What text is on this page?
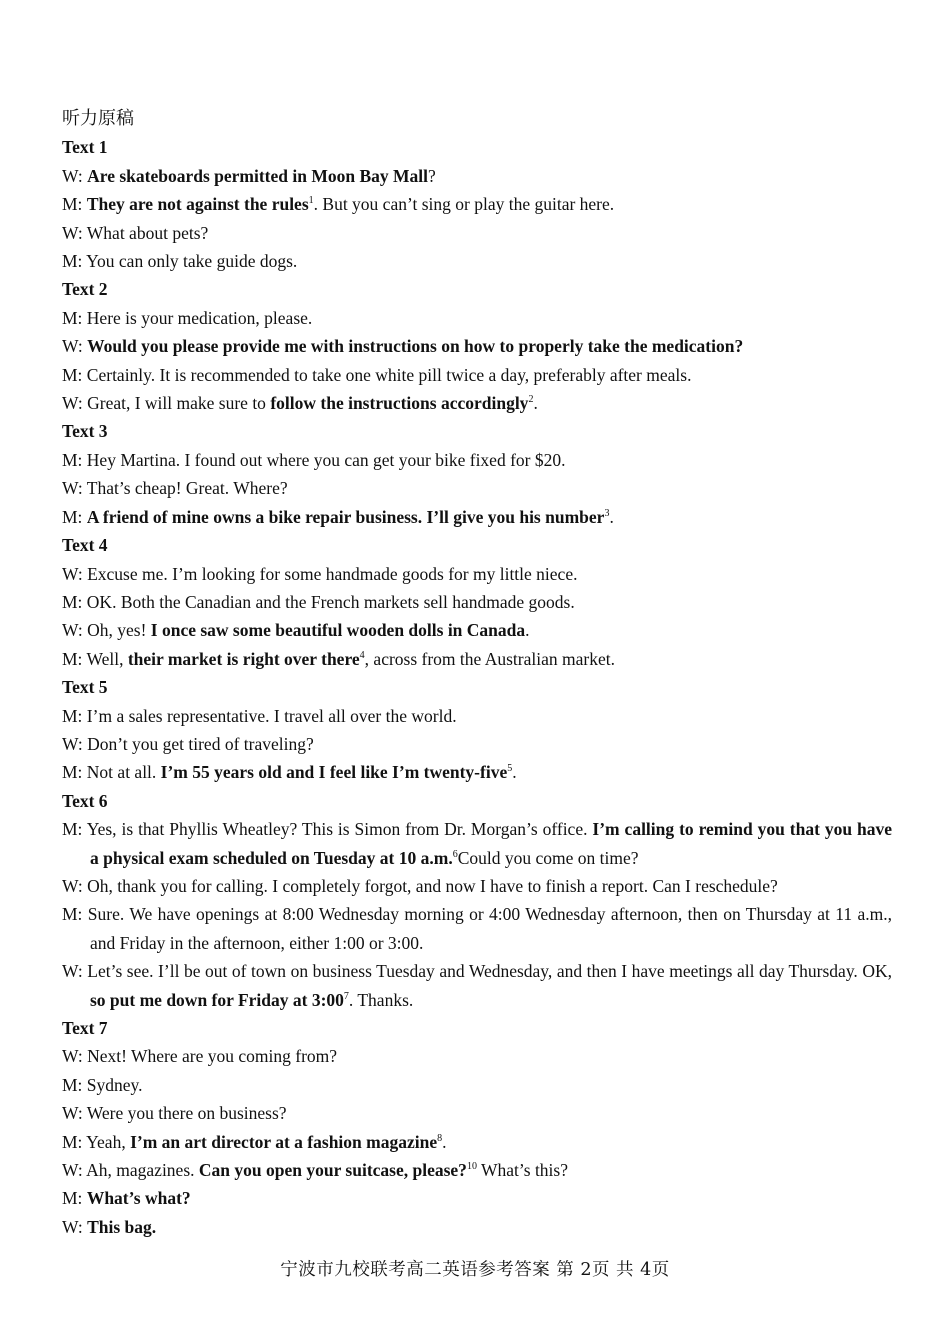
听力原稿
Text 1
W: Are skateboards permitted in Moon Bay Mall?
M: They are not against the rules$^1$. But you can’t sing or play the guitar here.
W: What about pets?
M: You can only take guide dogs.
Text 2
M: Here is your medication, please.
W: Would you please provide me with instructions on how to properly take the medication?
M: Certainly. It is recommended to take one white pill twice a day, preferably after meals.
W: Great, I will make sure to follow the instructions accordingly$^2$.
Text 3
M: Hey Martina. I found out where you can get your bike fixed for $20.
W: That’s cheap! Great. Where?
M: A friend of mine owns a bike repair business. I’ll give you his number$^3$.
Text 4
W: Excuse me. I’m looking for some handmade goods for my little niece.
M: OK. Both the Canadian and the French markets sell handmade goods.
W: Oh, yes! I once saw some beautiful wooden dolls in Canada.
M: Well, their market is right over there$^4$, across from the Australian market.
Text 5
M: I’m a sales representative. I travel all over the world.
W: Don’t you get tired of traveling?
M: Not at all. I’m 55 years old and I feel like I’m twenty-five$^5$.
Text 6
M: Yes, is that Phyllis Wheatley? This is Simon from Dr. Morgan’s office. I’m calling to remind you that you have a physical exam scheduled on Tuesday at 10 a.m.$^6$Could you come on time?
W: Oh, thank you for calling. I completely forgot, and now I have to finish a report. Can I reschedule?
M: Sure. We have openings at 8:00 Wednesday morning or 4:00 Wednesday afternoon, then on Thursday at 11 a.m., and Friday in the afternoon, either 1:00 or 3:00.
W: Let’s see. I’ll be out of town on business Tuesday and Wednesday, and then I have meetings all day Thursday. OK, so put me down for Friday at $3:00^7$. Thanks.
Text 7
W: Next! Where are you coming from?
M: Sydney.
W: Were you there on business?
M: Yeah, I’m an art director at a fashion magazine$^8$.
W: Ah, magazines. Can you open your suitcase, please?$^{10}$ What’s this?
M: What’s what?
W: This bag.
宁波市九校联考高二英语参考答案 第 2页 共 4页
